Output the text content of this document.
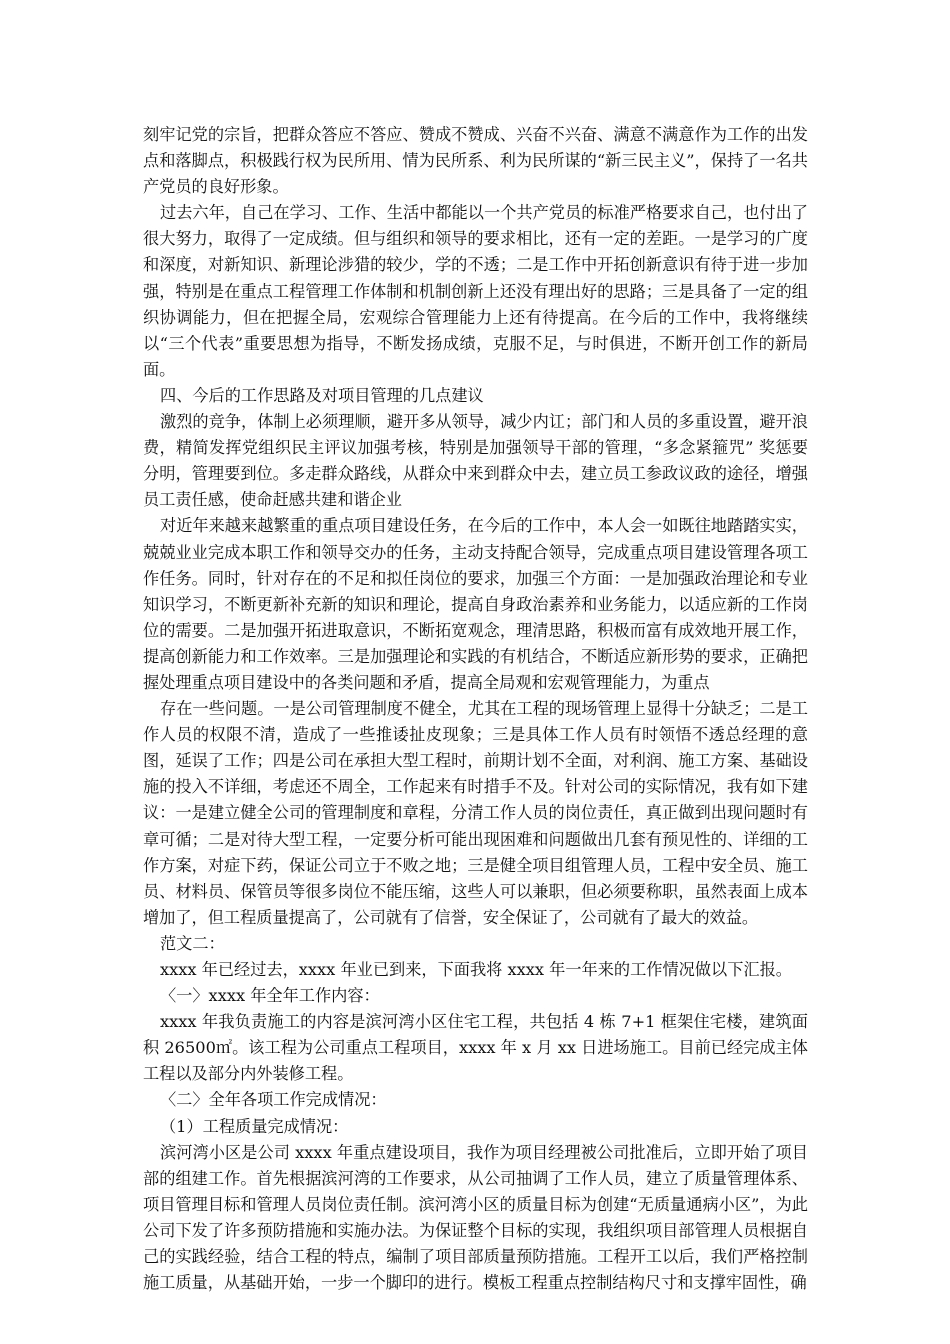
刻牢记党的宗旨，把群众答应不答应、赞成不赞成、兴奋不兴奋、满意不满意作为工作的出发点和落脚点，积极践行权为民所用、情为民所系、利为民所谋的“新三民主义”，保持了一名共产党员的良好形象。

过去六年，自己在学习、工作、生活中都能以一个共产党员的标准严格要求自己，也付出了很大努力，取得了一定成绩。但与组织和领导的要求相比，还有一定的差距。一是学习的广度和深度，对新知识、新理论涉猎的较少，学的不透；二是工作中开拓创新意识有待于进一步加强，特别是在重点工程管理工作体制和机制创新上还没有理出好的思路；三是具备了一定的组织协调能力，但在把握全局，宏观综合管理能力上还有待提高。在今后的工作中，我将继续以“三个代表”重要思想为指导，不断发扬成绩，克服不足，与时俱进，不断开创工作的新局面。

四、今后的工作思路及对项目管理的几点建议

激烈的竞争，体制上必须理顺，避开多从领导，减少内讧；部门和人员的多重设置，避开浪费，精简发挥党组织民主评议加强考核，特别是加强领导干部的管理，“多念紧箍咒” 奖惩要分明，管理要到位。多走群众路线，从群众中来到群众中去，建立员工参政议政的途径，增强员工责任感，使命赶感共建和谐企业

对近年来越来越繁重的重点项目建设任务，在今后的工作中，本人会一如既往地踏踏实实，兢兢业业完成本职工作和领导交办的任务，主动支持配合领导，完成重点项目建设管理各项工作任务。同时，针对存在的不足和拟任岗位的要求，加强三个方面：一是加强政治理论和专业知识学习，不断更新补充新的知识和理论，提高自身政治素养和业务能力，以适应新的工作岗位的需要。二是加强开拓进取意识，不断拓宽观念，理清思路，积极而富有成效地开展工作，提高创新能力和工作效率。三是加强理论和实践的有机结合，不断适应新形势的要求，正确把握处理重点项目建设中的各类问题和矛盾，提高全局观和宏观管理能力，为重点

存在一些问题。一是公司管理制度不健全，尤其在工程的现场管理上显得十分缺乏；二是工作人员的权限不清，造成了一些推诿扯皮现象；三是具体工作人员有时领悟不透总经理的意图，延误了工作；四是公司在承担大型工程时，前期计划不全面，对利润、施工方案、基础设施的投入不详细，考虑还不周全，工作起来有时措手不及。针对公司的实际情况，我有如下建议：一是建立健全公司的管理制度和章程，分清工作人员的岗位责任，真正做到出现问题时有章可循；二是对待大型工程，一定要分析可能出现困难和问题做出几套有预见性的、详细的工作方案，对症下药，保证公司立于不败之地；三是健全项目组管理人员，工程中安全员、施工员、材料员、保管员等很多岗位不能压缩，这些人可以兼职，但必须要称职，虽然表面上成本增加了，但工程质量提高了，公司就有了信誉，安全保证了，公司就有了最大的效益。

范文二：

xxxx 年已经过去，xxxx 年业已到来，下面我将 xxxx 年一年来的工作情况做以下汇报。

〈一〉xxxx 年全年工作内容：

xxxx 年我负责施工的内容是滨河湾小区住宅工程，共包括 4 栋 7+1 框架住宅楼，建筑面积 26500㎡。该工程为公司重点工程项目，xxxx 年 x 月 xx 日进场施工。目前已经完成主体工程以及部分内外装修工程。

〈二〉全年各项工作完成情况：

（1）工程质量完成情况：

滨河湾小区是公司 xxxx 年重点建设项目，我作为项目经理被公司批准后，立即开始了项目部的组建工作。首先根据滨河湾的工作要求，从公司抽调了工作人员，建立了质量管理体系、 项目管理目标和管理人员岗位责任制。滨河湾小区的质量目标为创建“无质量通病小区”，为此公司下发了许多预防措施和实施办法。为保证整个目标的实现，我组织项目部管理人员根据自己的实践经验，结合工程的特点，编制了项目部质量预防措施。工程开工以后，我们严格控制施工质量，从基础开始，一步一个脚印的进行。模板工程重点控制结构尺寸和支撑牢固性，确
